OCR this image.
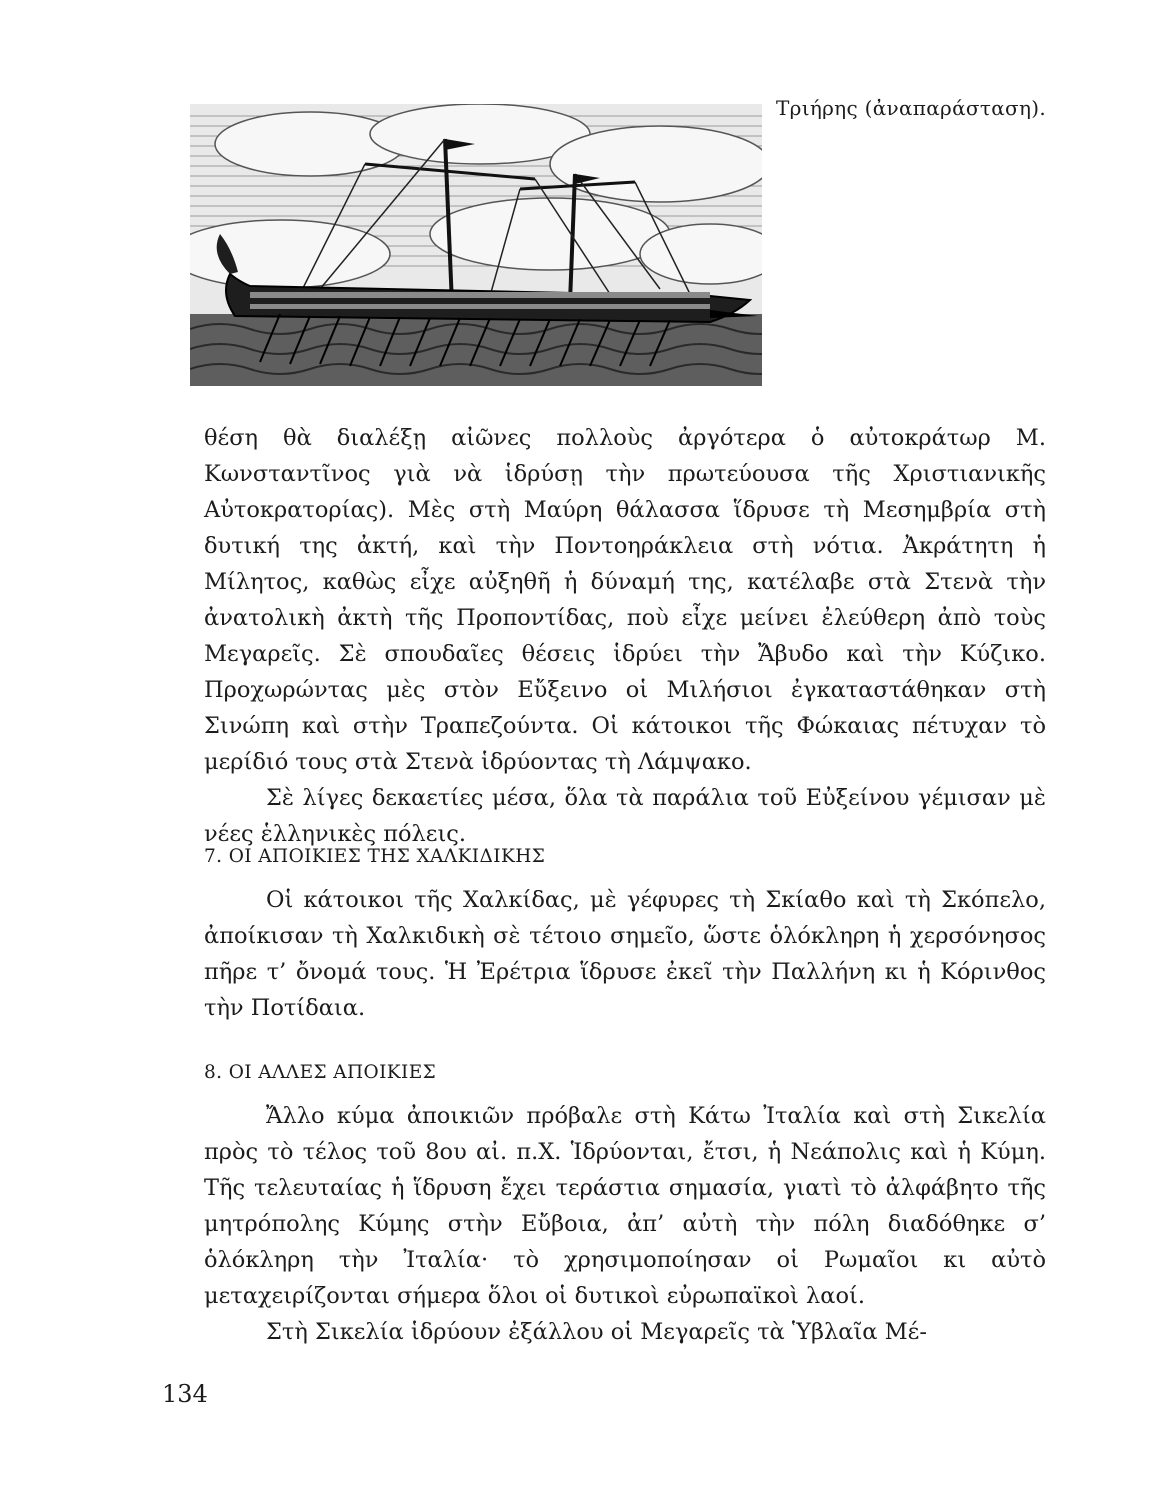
Τριήρης (ἀναπαράσταση).

θέση θὰ διαλέξῃ αἰῶνες πολλοὺς ἀργότερα ὁ αὐτοκράτωρ Μ. Κωνσταντῖνος γιὰ νὰ ἱδρύσῃ τὴν πρωτεύουσα τῆς Χριστιανικῆς Αὐτοκρατορίας). Μὲς στὴ Μαύρη θάλασσα ἵδρυσε τὴ Μεσημβρία στὴ δυτική της ἀκτή, καὶ τὴν Ποντοηράκλεια στὴ νότια. Ἀκράτητη ἡ Μίλητος, καθὼς εἶχε αὐξηθῆ ἡ δύναμή της, κατέλαβε στὰ Στενὰ τὴν ἀνατολικὴ ἀκτὴ τῆς Προποντίδας, ποὺ εἶχε μείνει ἐλεύθερη ἀπὸ τοὺς Μεγαρεῖς. Σὲ σπουδαῖες θέσεις ἱδρύει τὴν Ἄβυδο καὶ τὴν Κύζικο. Προχωρώντας μὲς στὸν Εὔξεινο οἱ Μιλήσιοι ἐγκαταστάθηκαν στὴ Σινώπη καὶ στὴν Τραπεζούντα. Οἱ κάτοικοι τῆς Φώκαιας πέτυχαν τὸ μερίδιό τους στὰ Στενὰ ἱδρύοντας τὴ Λάμψακο.

Σὲ λίγες δεκαετίες μέσα, ὅλα τὰ παράλια τοῦ Εὐξείνου γέμισαν μὲ νέες ἑλληνικὲς πόλεις.

7. ΟΙ ΑΠΟΙΚΙΕΣ ΤΗΣ ΧΑΛΚΙΔΙΚΗΣ

Οἱ κάτοικοι τῆς Χαλκίδας, μὲ γέφυρες τὴ Σκίαθο καὶ τὴ Σκόπελο, ἀποίκισαν τὴ Χαλκιδικὴ σὲ τέτοιο σημεῖο, ὥστε ὁλόκληρη ἡ χερσόνησος πῆρε τ’ ὄνομά τους. Ἡ Ἐρέτρια ἵδρυσε ἐκεῖ τὴν Παλλήνη κι ἡ Κόρινθος τὴν Ποτίδαια.

8. ΟΙ ΑΛΛΕΣ ΑΠΟΙΚΙΕΣ

Ἄλλο κύμα ἀποικιῶν πρόβαλε στὴ Κάτω Ἰταλία καὶ στὴ Σικελία πρὸς τὸ τέλος τοῦ 8ου αἰ. π.Χ. Ἱδρύονται, ἔτσι, ἡ Νεάπολις καὶ ἡ Κύμη. Τῆς τελευταίας ἡ ἵδρυση ἔχει τεράστια σημασία, γιατὶ τὸ ἀλφάβητο τῆς μητρόπολης Κύμης στὴν Εὔβοια, ἀπ’ αὐτὴ τὴν πόλη διαδόθηκε σ’ ὁλόκληρη τὴν Ἰταλία· τὸ χρησιμοποίησαν οἱ Ρωμαῖοι κι αὐτὸ μεταχειρίζονται σήμερα ὅλοι οἱ δυτικοὶ εὐρωπαϊκοὶ λαοί.

Στὴ Σικελία ἱδρύουν ἐξάλλου οἱ Μεγαρεῖς τὰ Ὑβλαῖα Μέ-

134
